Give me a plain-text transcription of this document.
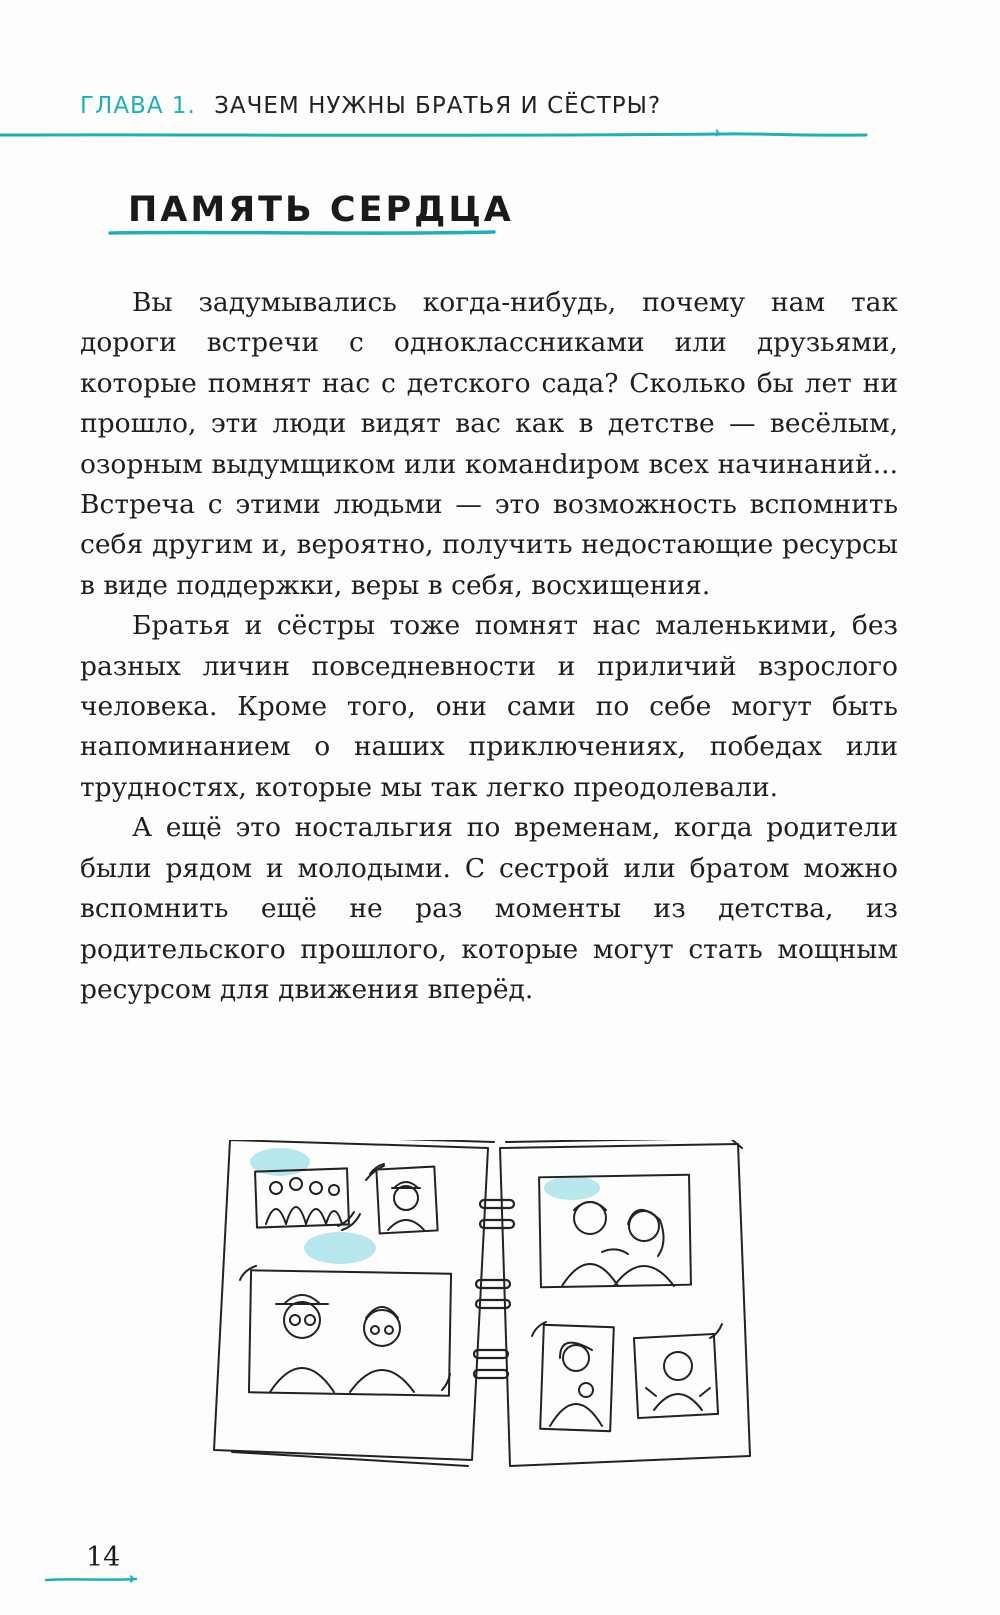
ГЛАВА 1. ЗАЧЕМ НУЖНЫ БРАТЬЯ И СЁСТРЫ?
ПАМЯТЬ СЕРДЦА

Вы задумывались когда-нибудь, почему нам так дороги встречи с одноклассниками или друзьями, которые помнят нас с детского сада? Сколько бы лет ни прошло, эти люди видят вас как в детстве — весёлым, озорным выдумщиком или команdиром всех начинаний... Встреча с этими людьми — это возможность вспомнить себя другим и, вероятно, получить недостающие ресурсы в виде поддержки, веры в себя, восхищения.

Братья и сёстры тоже помнят нас маленькими, без разных личин повседневности и приличий взрослого человека. Кроме того, они сами по себе могут быть напоминанием о наших приключениях, победах или трудностях, которые мы так легко преодолевали.

А ещё это ностальгия по временам, когда родители были рядом и молодыми. С сестрой или братом можно вспомнить ещё не раз моменты из детства, из родительского прошлого, которые могут стать мощным ресурсом для движения вперёд.

14
